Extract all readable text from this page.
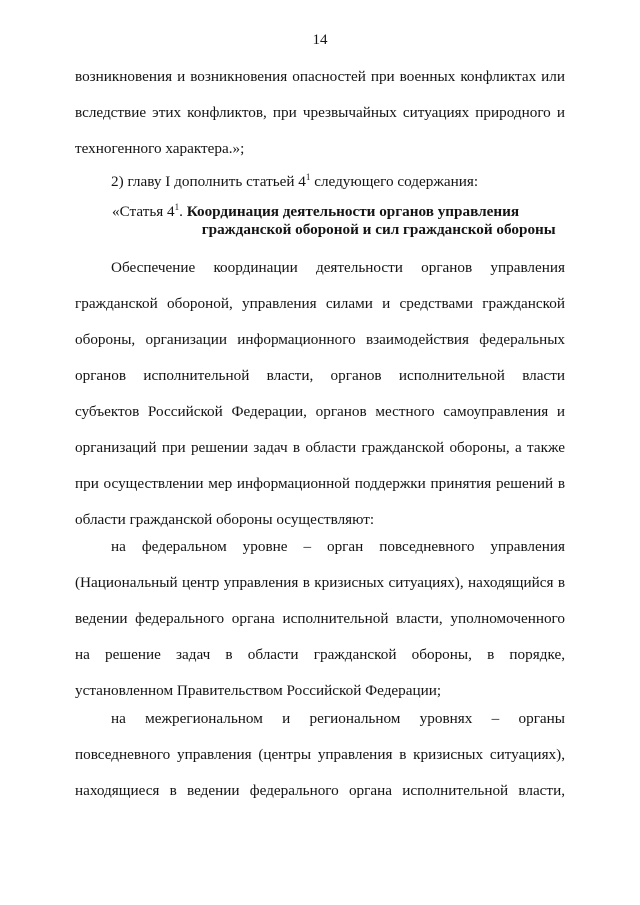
14
возникновения и возникновения опасностей при военных конфликтах или
вследствие этих конфликтов, при чрезвычайных ситуациях природного и
техногенного характера.»;
2) главу I дополнить статьей $4^1$ следующего содержания:
«Статья $4^1$. Координация деятельности органов управления
гражданской обороной и сил гражданской обороны
Обеспечение координации деятельности органов управления
гражданской обороной, управления силами и средствами гражданской
обороны, организации информационного взаимодействия федеральных
органов исполнительной власти, органов исполнительной власти
субъектов Российской Федерации, органов местного самоуправления и
организаций при решении задач в области гражданской обороны, а также
при осуществлении мер информационной поддержки принятия решений в
области гражданской обороны осуществляют:
на федеральном уровне – орган повседневного управления
(Национальный центр управления в кризисных ситуациях), находящийся в
ведении федерального органа исполнительной власти, уполномоченного
на решение задач в области гражданской обороны, в порядке,
установленном Правительством Российской Федерации;
на межрегиональном и региональном уровнях – органы
повседневного управления (центры управления в кризисных ситуациях),
находящиеся в ведении федерального органа исполнительной власти,
